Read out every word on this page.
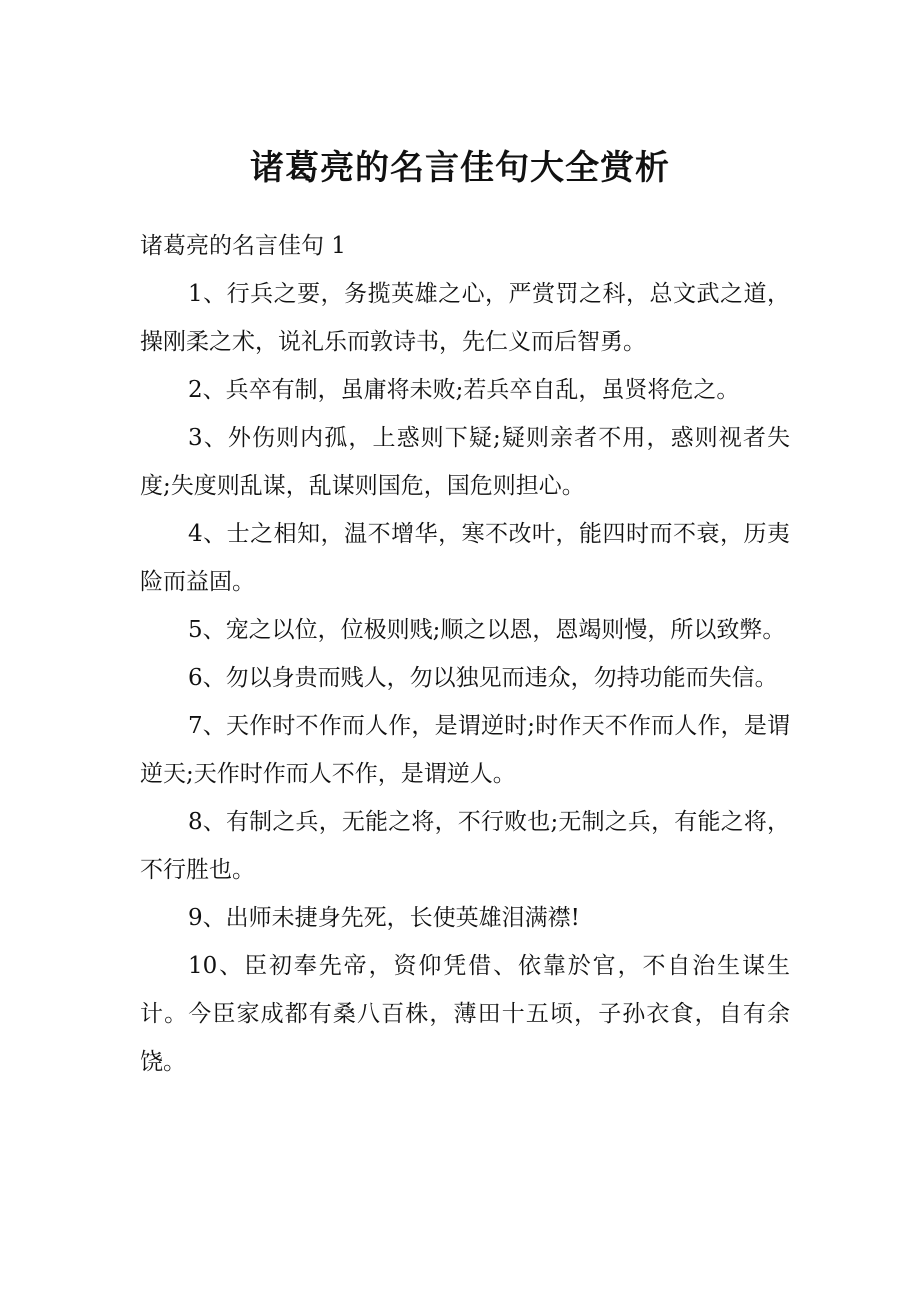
诸葛亮的名言佳句大全赏析

诸葛亮的名言佳句 1

1、行兵之要，务揽英雄之心，严赏罚之科，总文武之道，操刚柔之术，说礼乐而敦诗书，先仁义而后智勇。

2、兵卒有制，虽庸将未败;若兵卒自乱，虽贤将危之。

3、外伤则内孤，上惑则下疑;疑则亲者不用，惑则视者失度;失度则乱谋，乱谋则国危，国危则担心。

4、士之相知，温不增华，寒不改叶，能四时而不衰，历夷险而益固。

5、宠之以位，位极则贱;顺之以恩，恩竭则慢，所以致弊。

6、勿以身贵而贱人，勿以独见而违众，勿持功能而失信。

7、天作时不作而人作，是谓逆时;时作天不作而人作，是谓逆天;天作时作而人不作，是谓逆人。

8、有制之兵，无能之将，不行败也;无制之兵，有能之将，不行胜也。

9、出师未捷身先死，长使英雄泪满襟!

10、臣初奉先帝，资仰凭借、依靠於官，不自治生谋生计。今臣家成都有桑八百株，薄田十五顷，子孙衣食，自有余饶。
